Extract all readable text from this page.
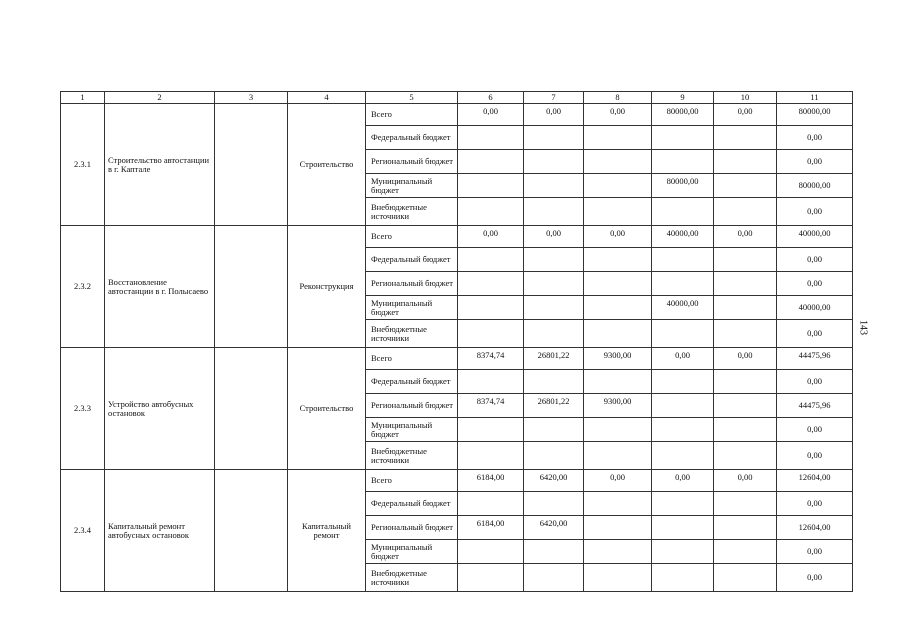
1	2	3	4	5	6	7	8	9	10	11
2.3.1	Строительство автостанции в г. Каптале		Строительство	Всего	0,00	0,00	0,00	80000,00	0,00	80000,00
				Федеральный бюджет						0,00
				Региональный бюджет						0,00
				Муниципальный бюджет				80000,00		80000,00
				Внебюджетные источники						0,00
2.3.2	Восстановление автостанции в г. Полысаево		Реконструкция	Всего	0,00	0,00	0,00	40000,00	0,00	40000,00
				Федеральный бюджет						0,00
				Региональный бюджет						0,00
				Муниципальный бюджет				40000,00		40000,00
				Внебюджетные источники						0,00
2.3.3	Устройство автобусных остановок		Строительство	Всего	8374,74	26801,22	9300,00	0,00	0,00	44475,96
				Федеральный бюджет						0,00
				Региональный бюджет	8374,74	26801,22	9300,00			44475,96
				Муниципальный бюджет						0,00
				Внебюджетные источники						0,00
2.3.4	Капитальный ремонт автобусных остановок		Капитальный ремонт	Всего	6184,00	6420,00	0,00	0,00	0,00	12604,00
				Федеральный бюджет						0,00
				Региональный бюджет	6184,00	6420,00				12604,00
				Муниципальный бюджет						0,00
				Внебюджетные источники						0,00
143
